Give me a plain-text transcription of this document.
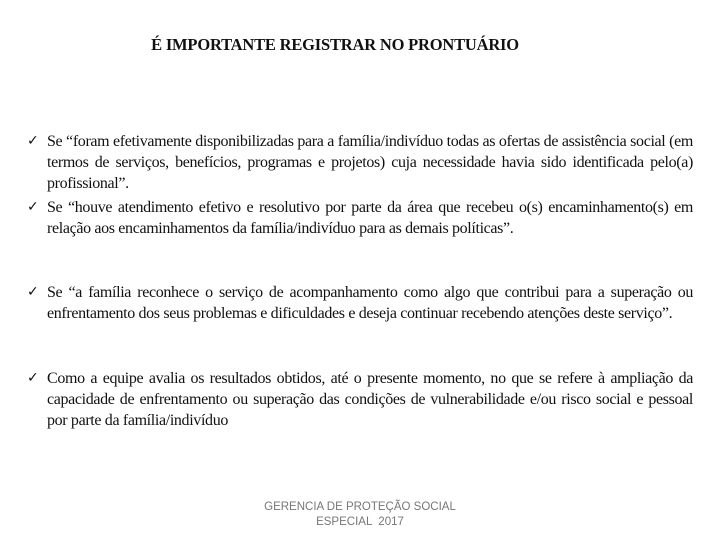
É IMPORTANTE REGISTRAR NO PRONTUÁRIO
✓ Se “foram efetivamente disponibilizadas para a família/indivíduo todas as ofertas de assistência social (em termos de serviços, benefícios, programas e projetos) cuja necessidade havia sido identificada pelo(a) profissional”.
✓ Se “houve atendimento efetivo e resolutivo por parte da área que recebeu o(s) encaminhamento(s) em relação aos encaminhamentos da família/indivíduo para as demais políticas”.
✓ Se “a família reconhece o serviço de acompanhamento como algo que contribui para a superação ou enfrentamento dos seus problemas e dificuldades e deseja continuar recebendo atenções deste serviço”.
✓ Como a equipe avalia os resultados obtidos, até o presente momento, no que se refere à ampliação da capacidade de enfrentamento ou superação das condições de vulnerabilidade e/ou risco social e pessoal por parte da família/indivíduo
GERENCIA DE PROTEÇÃO SOCIAL
ESPECIAL  2017
